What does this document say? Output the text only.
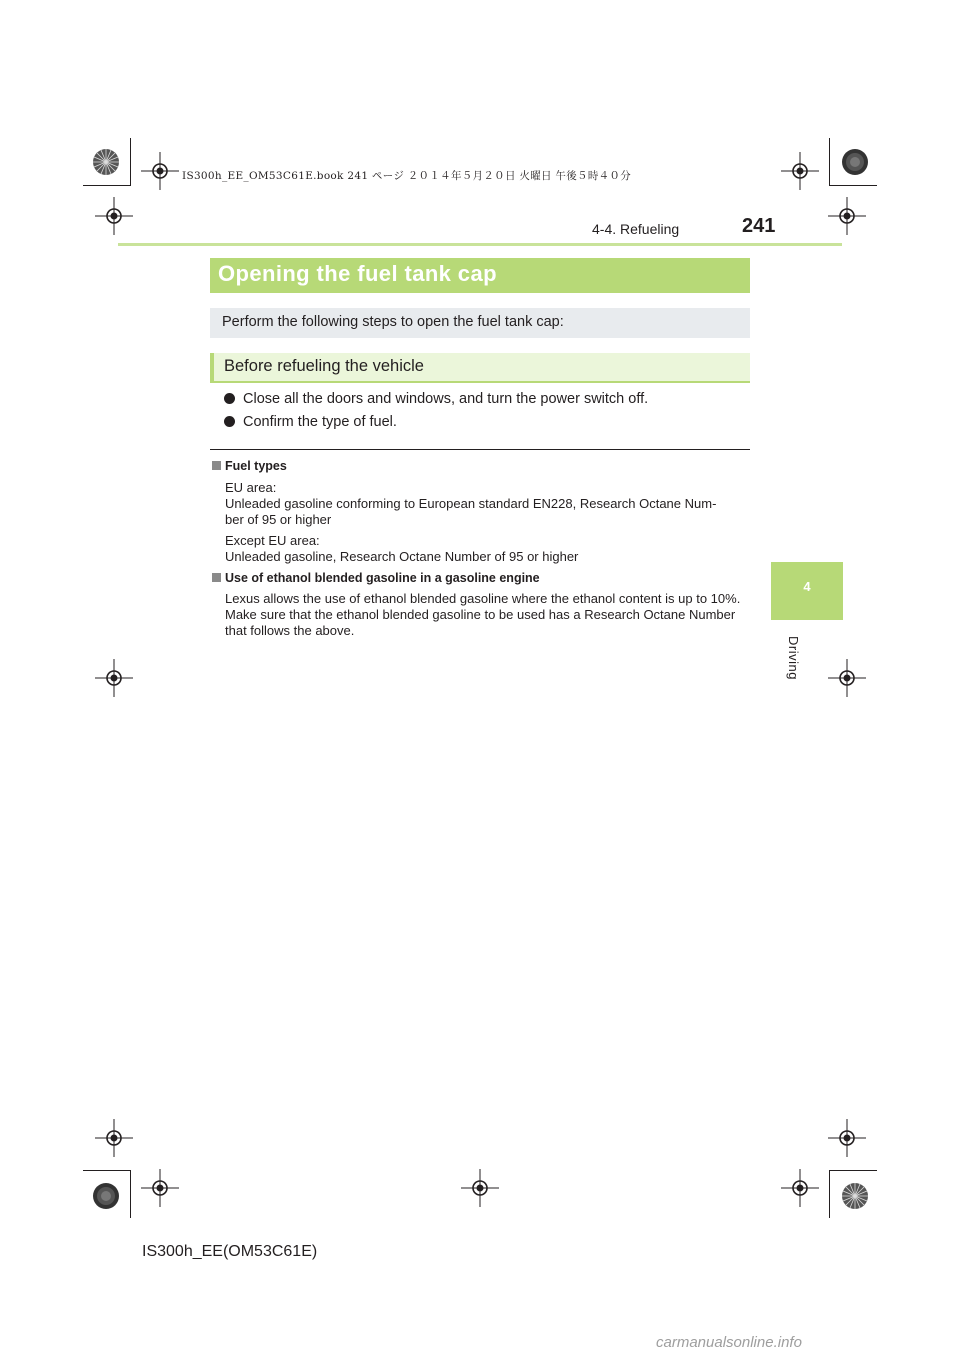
IS300h_EE_OM53C61E.book 241 ページ ２０１４年５月２０日 火曜日 午後５時４０分
4-4. Refueling	241
4
Driving
Opening the fuel tank cap
Perform the following steps to open the fuel tank cap:
Before refueling the vehicle
Close all the doors and windows, and turn the power switch off.
Confirm the type of fuel.
Fuel types
EU area:
Unleaded gasoline conforming to European standard EN228, Research Octane Num-
ber of 95 or higher
Except EU area:
Unleaded gasoline, Research Octane Number of 95 or higher
Use of ethanol blended gasoline in a gasoline engine
Lexus allows the use of ethanol blended gasoline where the ethanol content is up to 10%.
Make sure that the ethanol blended gasoline to be used has a Research Octane Number
that follows the above.
IS300h_EE(OM53C61E)
carmanualsonline.info
